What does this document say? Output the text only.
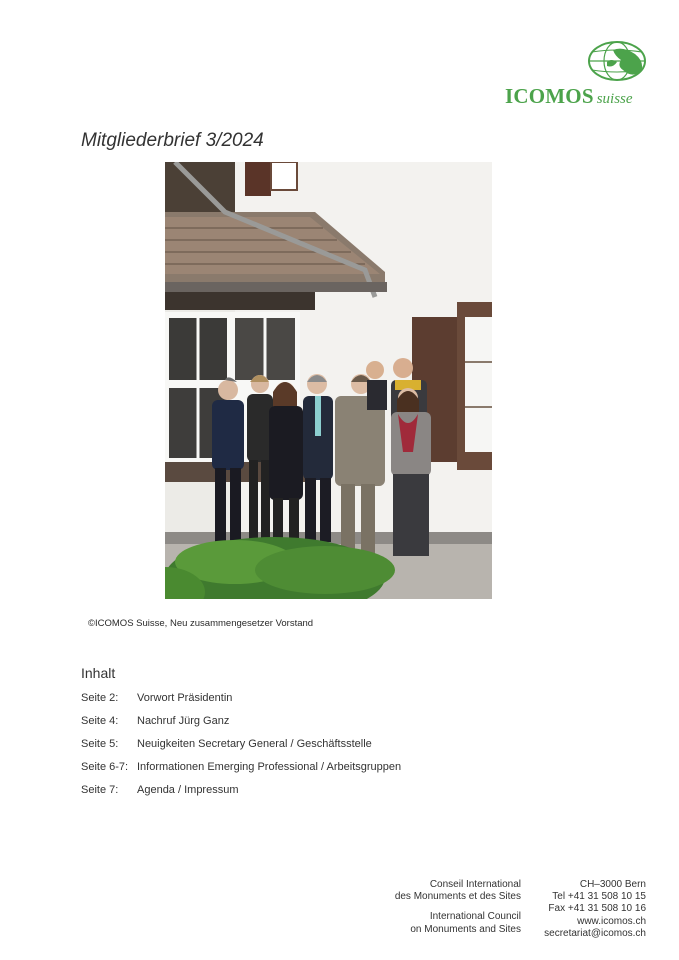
ICOMOS suisse
Mitgliederbrief 3/2024
©ICOMOS Suisse, Neu zusammengesetzer Vorstand
Inhalt
Seite 2: Vorwort Präsidentin
Seite 4: Nachruf Jürg Ganz
Seite 5: Neuigkeiten Secretary General / Geschäftsstelle
Seite 6-7: Informationen Emerging Professional / Arbeitsgruppen
Seite 7: Agenda / Impressum
Conseil International
des Monuments et des Sites
International Council
on Monuments and Sites
CH–3000 Bern
Tel +41 31 508 10 15
Fax +41 31 508 10 16
www.icomos.ch
secretariat@icomos.ch
